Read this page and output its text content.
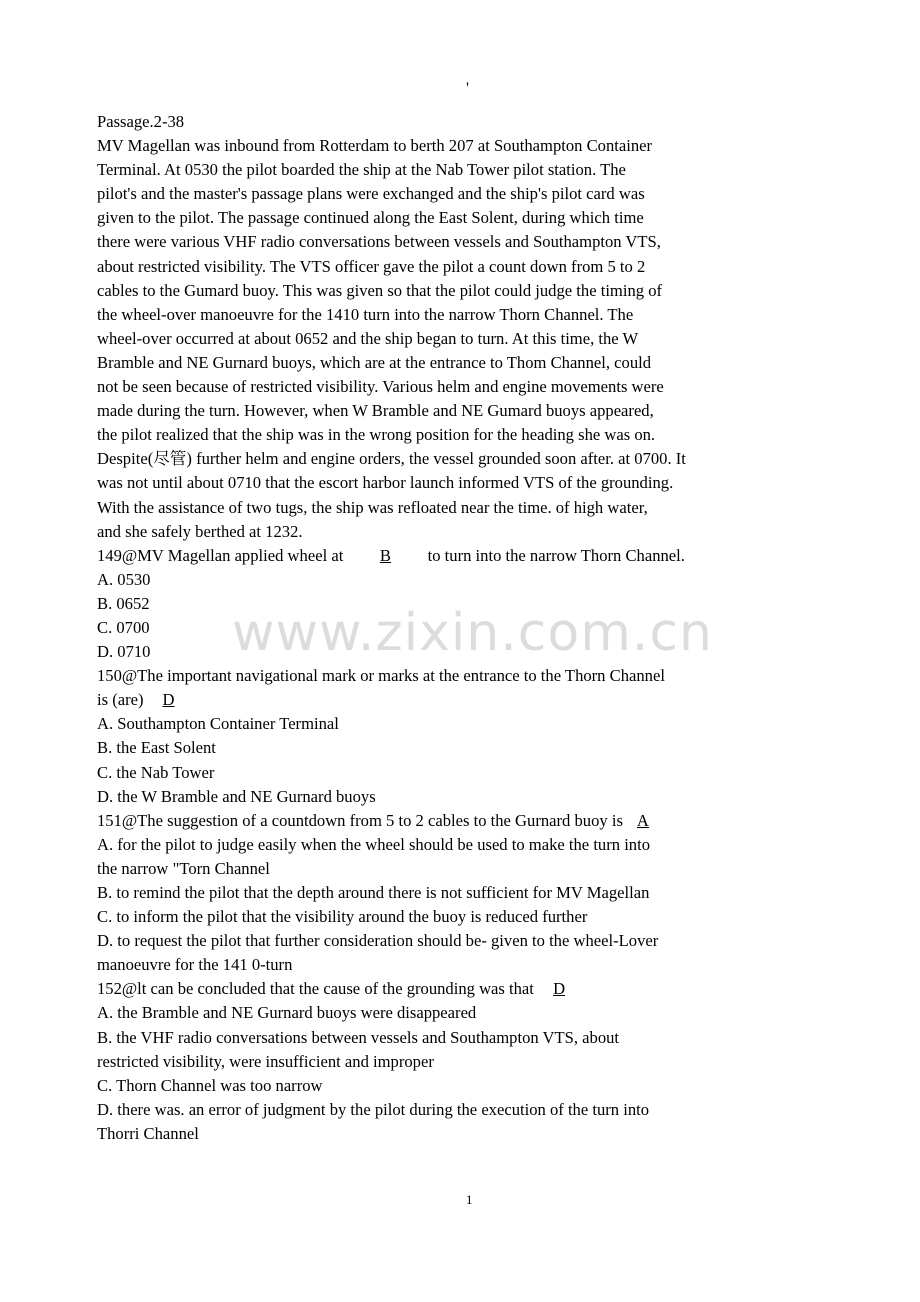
'
Passage.2-38
MV Magellan was inbound from Rotterdam to berth 207 at Southampton Container
Terminal. At 0530 the pilot boarded the ship at the Nab Tower pilot station. The
pilot's and the master's passage plans were exchanged and the ship's pilot card was
given to the pilot. The passage continued along the East Solent, during which time
there were various VHF radio conversations between vessels and Southampton VTS,
about restricted visibility. The VTS officer gave the pilot a count down from 5 to 2
cables to the Gumard buoy. This was given so that the pilot could judge the timing of
the wheel-over manoeuvre for the 1410 turn into the narrow Thorn Channel. The
wheel-over occurred at about 0652 and the ship began to turn. At this time, the W
Bramble and NE Gurnard buoys, which are at the entrance to Thom Channel, could
not be seen because of restricted visibility. Various helm and engine movements were
made during the turn. However, when W Bramble and NE Gumard buoys appeared,
the pilot realized that the ship was in the wrong position for the heading she was on.
Despite(尽管) further helm and engine orders, the vessel grounded soon after. at 0700. It
was not until about 0710 that the escort harbor launch informed VTS of the grounding.
With the assistance of two tugs, the ship was refloated near the time. of high water,
and she safely berthed at 1232.
149@MV Magellan applied wheel at B to turn into the narrow Thorn Channel.
A. 0530
B. 0652
C. 0700
D. 0710
150@The important navigational mark or marks at the entrance to the Thorn Channel
is (are) D
A. Southampton Container Terminal
B. the East Solent
C. the Nab Tower
D. the W Bramble and NE Gurnard buoys
151@The suggestion of a countdown from 5 to 2 cables to the Gurnard buoy is A
A. for the pilot to judge easily when the wheel should be used to make the turn into
the narrow "Torn Channel
B. to remind the pilot that the depth around there is not sufficient for MV Magellan
C. to inform the pilot that the visibility around the buoy is reduced further
D. to request the pilot that further consideration should be- given to the wheel-Lover
manoeuvre for the 141 0-turn
152@lt can be concluded that the cause of the grounding was that D
A. the Bramble and NE Gurnard buoys were disappeared
B. the VHF radio conversations between vessels and Southampton VTS, about
restricted visibility, were insufficient and improper
C. Thorn Channel was too narrow
D. there was. an error of judgment by the pilot during the execution of the turn into
Thorri Channel
www.zixin.com.cn
1
